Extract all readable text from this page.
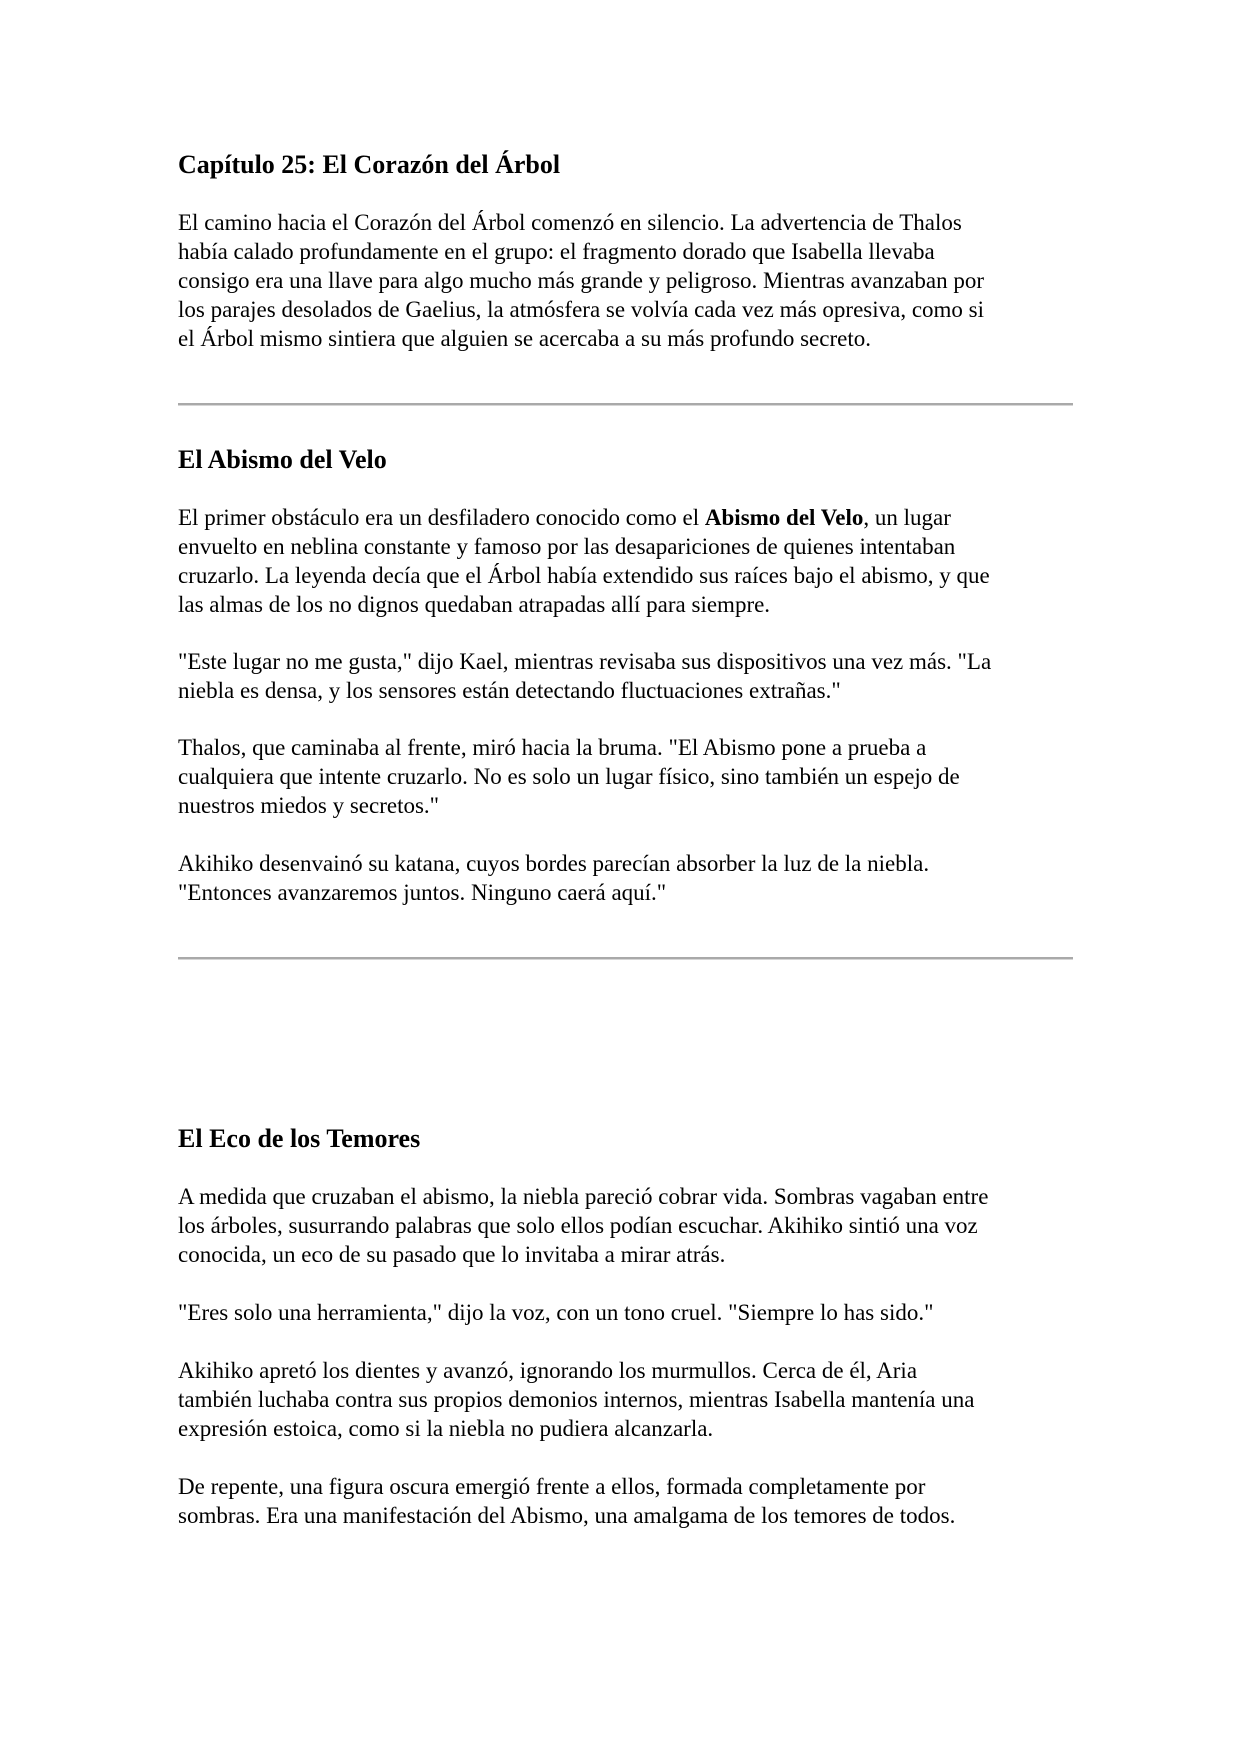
Capítulo 25: El Corazón del Árbol
El camino hacia el Corazón del Árbol comenzó en silencio. La advertencia de Thalos
había calado profundamente en el grupo: el fragmento dorado que Isabella llevaba
consigo era una llave para algo mucho más grande y peligroso. Mientras avanzaban por
los parajes desolados de Gaelius, la atmósfera se volvía cada vez más opresiva, como si
el Árbol mismo sintiera que alguien se acercaba a su más profundo secreto.
El Abismo del Velo
El primer obstáculo era un desfiladero conocido como el Abismo del Velo, un lugar
envuelto en neblina constante y famoso por las desapariciones de quienes intentaban
cruzarlo. La leyenda decía que el Árbol había extendido sus raíces bajo el abismo, y que
las almas de los no dignos quedaban atrapadas allí para siempre.
"Este lugar no me gusta," dijo Kael, mientras revisaba sus dispositivos una vez más. "La
niebla es densa, y los sensores están detectando fluctuaciones extrañas."
Thalos, que caminaba al frente, miró hacia la bruma. "El Abismo pone a prueba a
cualquiera que intente cruzarlo. No es solo un lugar físico, sino también un espejo de
nuestros miedos y secretos."
Akihiko desenvainó su katana, cuyos bordes parecían absorber la luz de la niebla.
"Entonces avanzaremos juntos. Ninguno caerá aquí."
El Eco de los Temores
A medida que cruzaban el abismo, la niebla pareció cobrar vida. Sombras vagaban entre
los árboles, susurrando palabras que solo ellos podían escuchar. Akihiko sintió una voz
conocida, un eco de su pasado que lo invitaba a mirar atrás.
"Eres solo una herramienta," dijo la voz, con un tono cruel. "Siempre lo has sido."
Akihiko apretó los dientes y avanzó, ignorando los murmullos. Cerca de él, Aria
también luchaba contra sus propios demonios internos, mientras Isabella mantenía una
expresión estoica, como si la niebla no pudiera alcanzarla.
De repente, una figura oscura emergió frente a ellos, formada completamente por
sombras. Era una manifestación del Abismo, una amalgama de los temores de todos.
